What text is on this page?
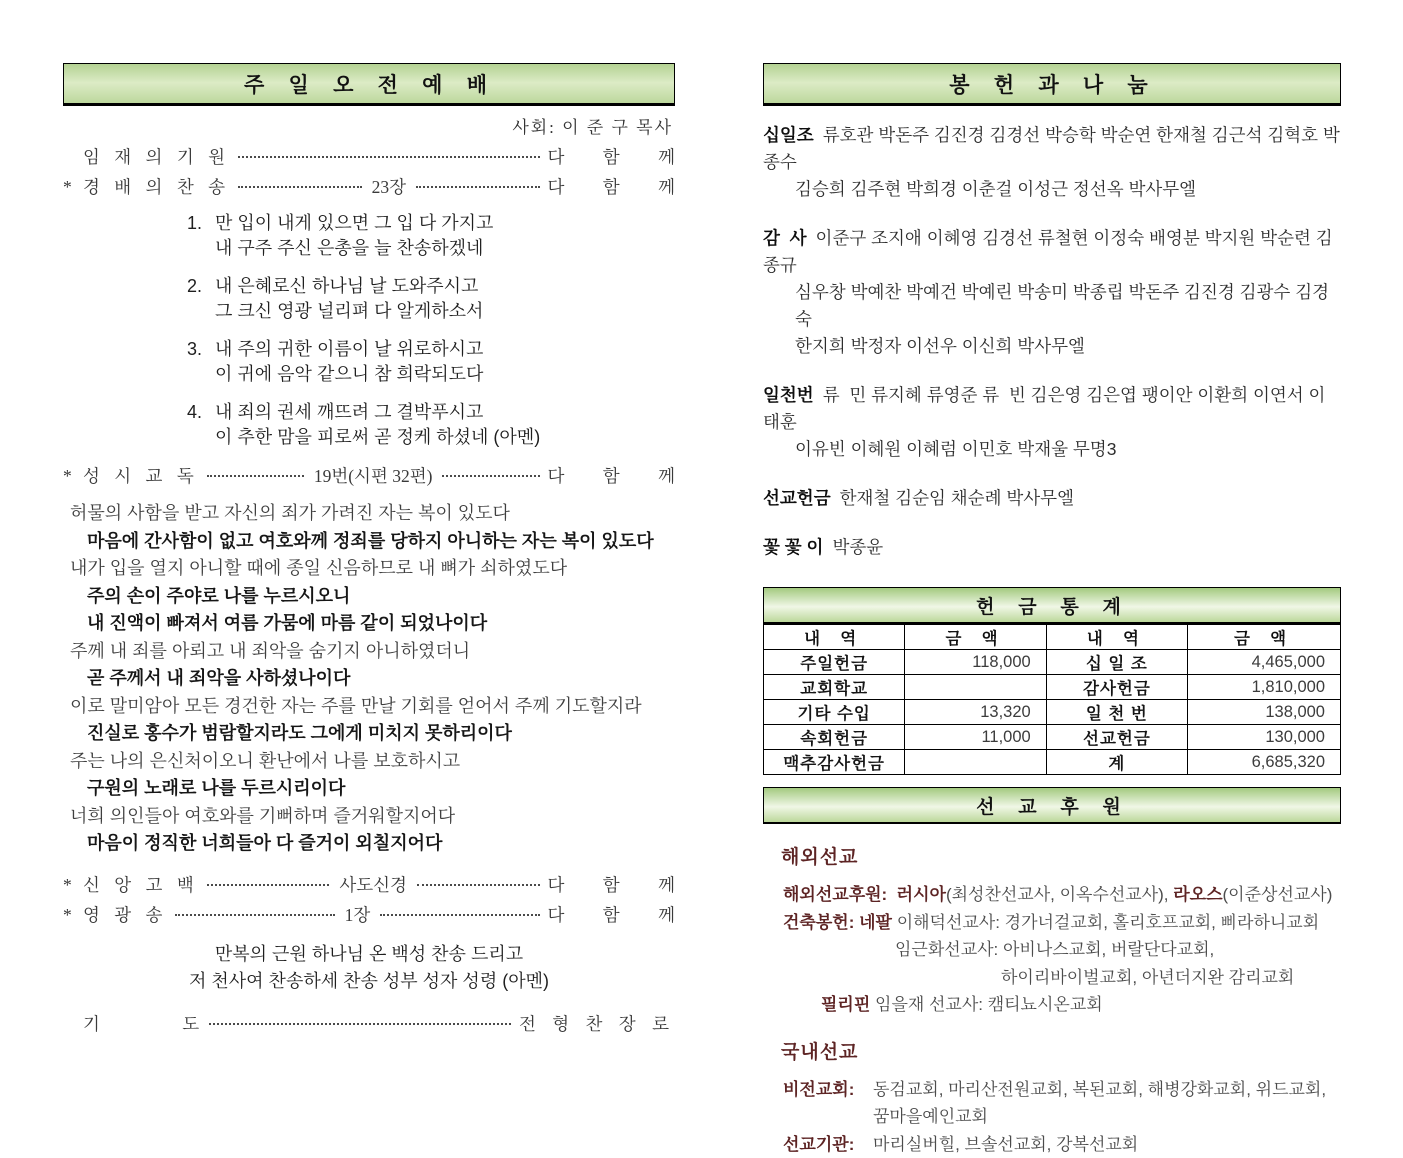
주 일 오 전 예 배
사회: 이 준 구 목사
임 재 의 기 원	다 함 께
* 경 배 의 찬 송	23장	다 함 께
1. 만 입이 내게 있으면 그 입 다 가지고
내 구주 주신 은총을 늘 찬송하겠네
2. 내 은혜로신 하나님 날 도와주시고
그 크신 영광 널리펴 다 알게하소서
3. 내 주의 귀한 이름이 날 위로하시고
이 귀에 음악 같으니 참 희락되도다
4. 내 죄의 권세 깨뜨려 그 결박푸시고
이 추한 맘을 피로써 곧 정케 하셨네 (아멘)
* 성 시 교 독	19번(시편 32편)	다 함 께
허물의 사함을 받고 자신의 죄가 가려진 자는 복이 있도다
마음에 간사함이 없고 여호와께 정죄를 당하지 아니하는 자는 복이 있도다
내가 입을 열지 아니할 때에 종일 신음하므로 내 뼈가 쇠하였도다
주의 손이 주야로 나를 누르시오니
내 진액이 빠져서 여름 가뭄에 마름 같이 되었나이다
주께 내 죄를 아뢰고 내 죄악을 숨기지 아니하였더니
곧 주께서 내 죄악을 사하셨나이다
이로 말미암아 모든 경건한 자는 주를 만날 기회를 얻어서 주께 기도할지라
진실로 홍수가 범람할지라도 그에게 미치지 못하리이다
주는 나의 은신처이오니 환난에서 나를 보호하시고
구원의 노래로 나를 두르시리이다
너희 의인들아 여호와를 기뻐하며 즐거워할지어다
마음이 정직한 너희들아 다 즐거이 외칠지어다
* 신 앙 고 백	사도신경	다 함 께
* 영 광 송	1장	다 함 께
만복의 근원 하나님 온 백성 찬송 드리고
저 천사여 찬송하세 찬송 성부 성자 성령 (아멘)
기 도	전 형 찬 장 로
봉 헌 과 나 눔
십일조 류호관 박돈주 김진경 김경선 박승학 박순연 한재철 김근석 김혁호 박종수
김승희 김주현 박희경 이춘걸 이성근 정선옥 박사무엘
감  사 이준구 조지애 이혜영 김경선 류철현 이정숙 배영분 박지원 박순련 김종규
심우창 박예찬 박예건 박예린 박송미 박종립 박돈주 김진경 김광수 김경숙
한지희 박정자 이선우 이신희 박사무엘
일천번 류  민 류지혜 류영준 류  빈 김은영 김은엽 팽이안 이환희 이연서 이태훈
이유빈 이혜원 이혜럼 이민호 박재울 무명3
선교헌금 한재철 김순임 채순례 박사무엘
꽃 꽃 이 박종윤
헌 금 통 계
내 역	금 액	내 역	금 액
주일헌금	118,000	십 일 조	4,465,000
교회학교		감사헌금	1,810,000
기타 수입	13,320	일 천 번	138,000
속회헌금	11,000	선교헌금	130,000
맥추감사헌금		계	6,685,320
선 교 후 원
해외선교
해외선교후원: 러시아(최성찬선교사, 이옥수선교사), 라오스(이준상선교사)
건축봉헌: 네팔 이해덕선교사: 경가너걸교회, 홀리호프교회, 삐라하니교회
임근화선교사: 아비나스교회, 버랄단다교회,
하이리바이벌교회, 아년더지완 감리교회
필리핀 임을재 선교사: 캠티뇨시온교회
국내선교
비전교회: 동검교회, 마리산전원교회, 복된교회, 해병강화교회, 위드교회,
꿈마을예인교회
선교기관: 마리실버힐, 브솔선교회, 강복선교회
